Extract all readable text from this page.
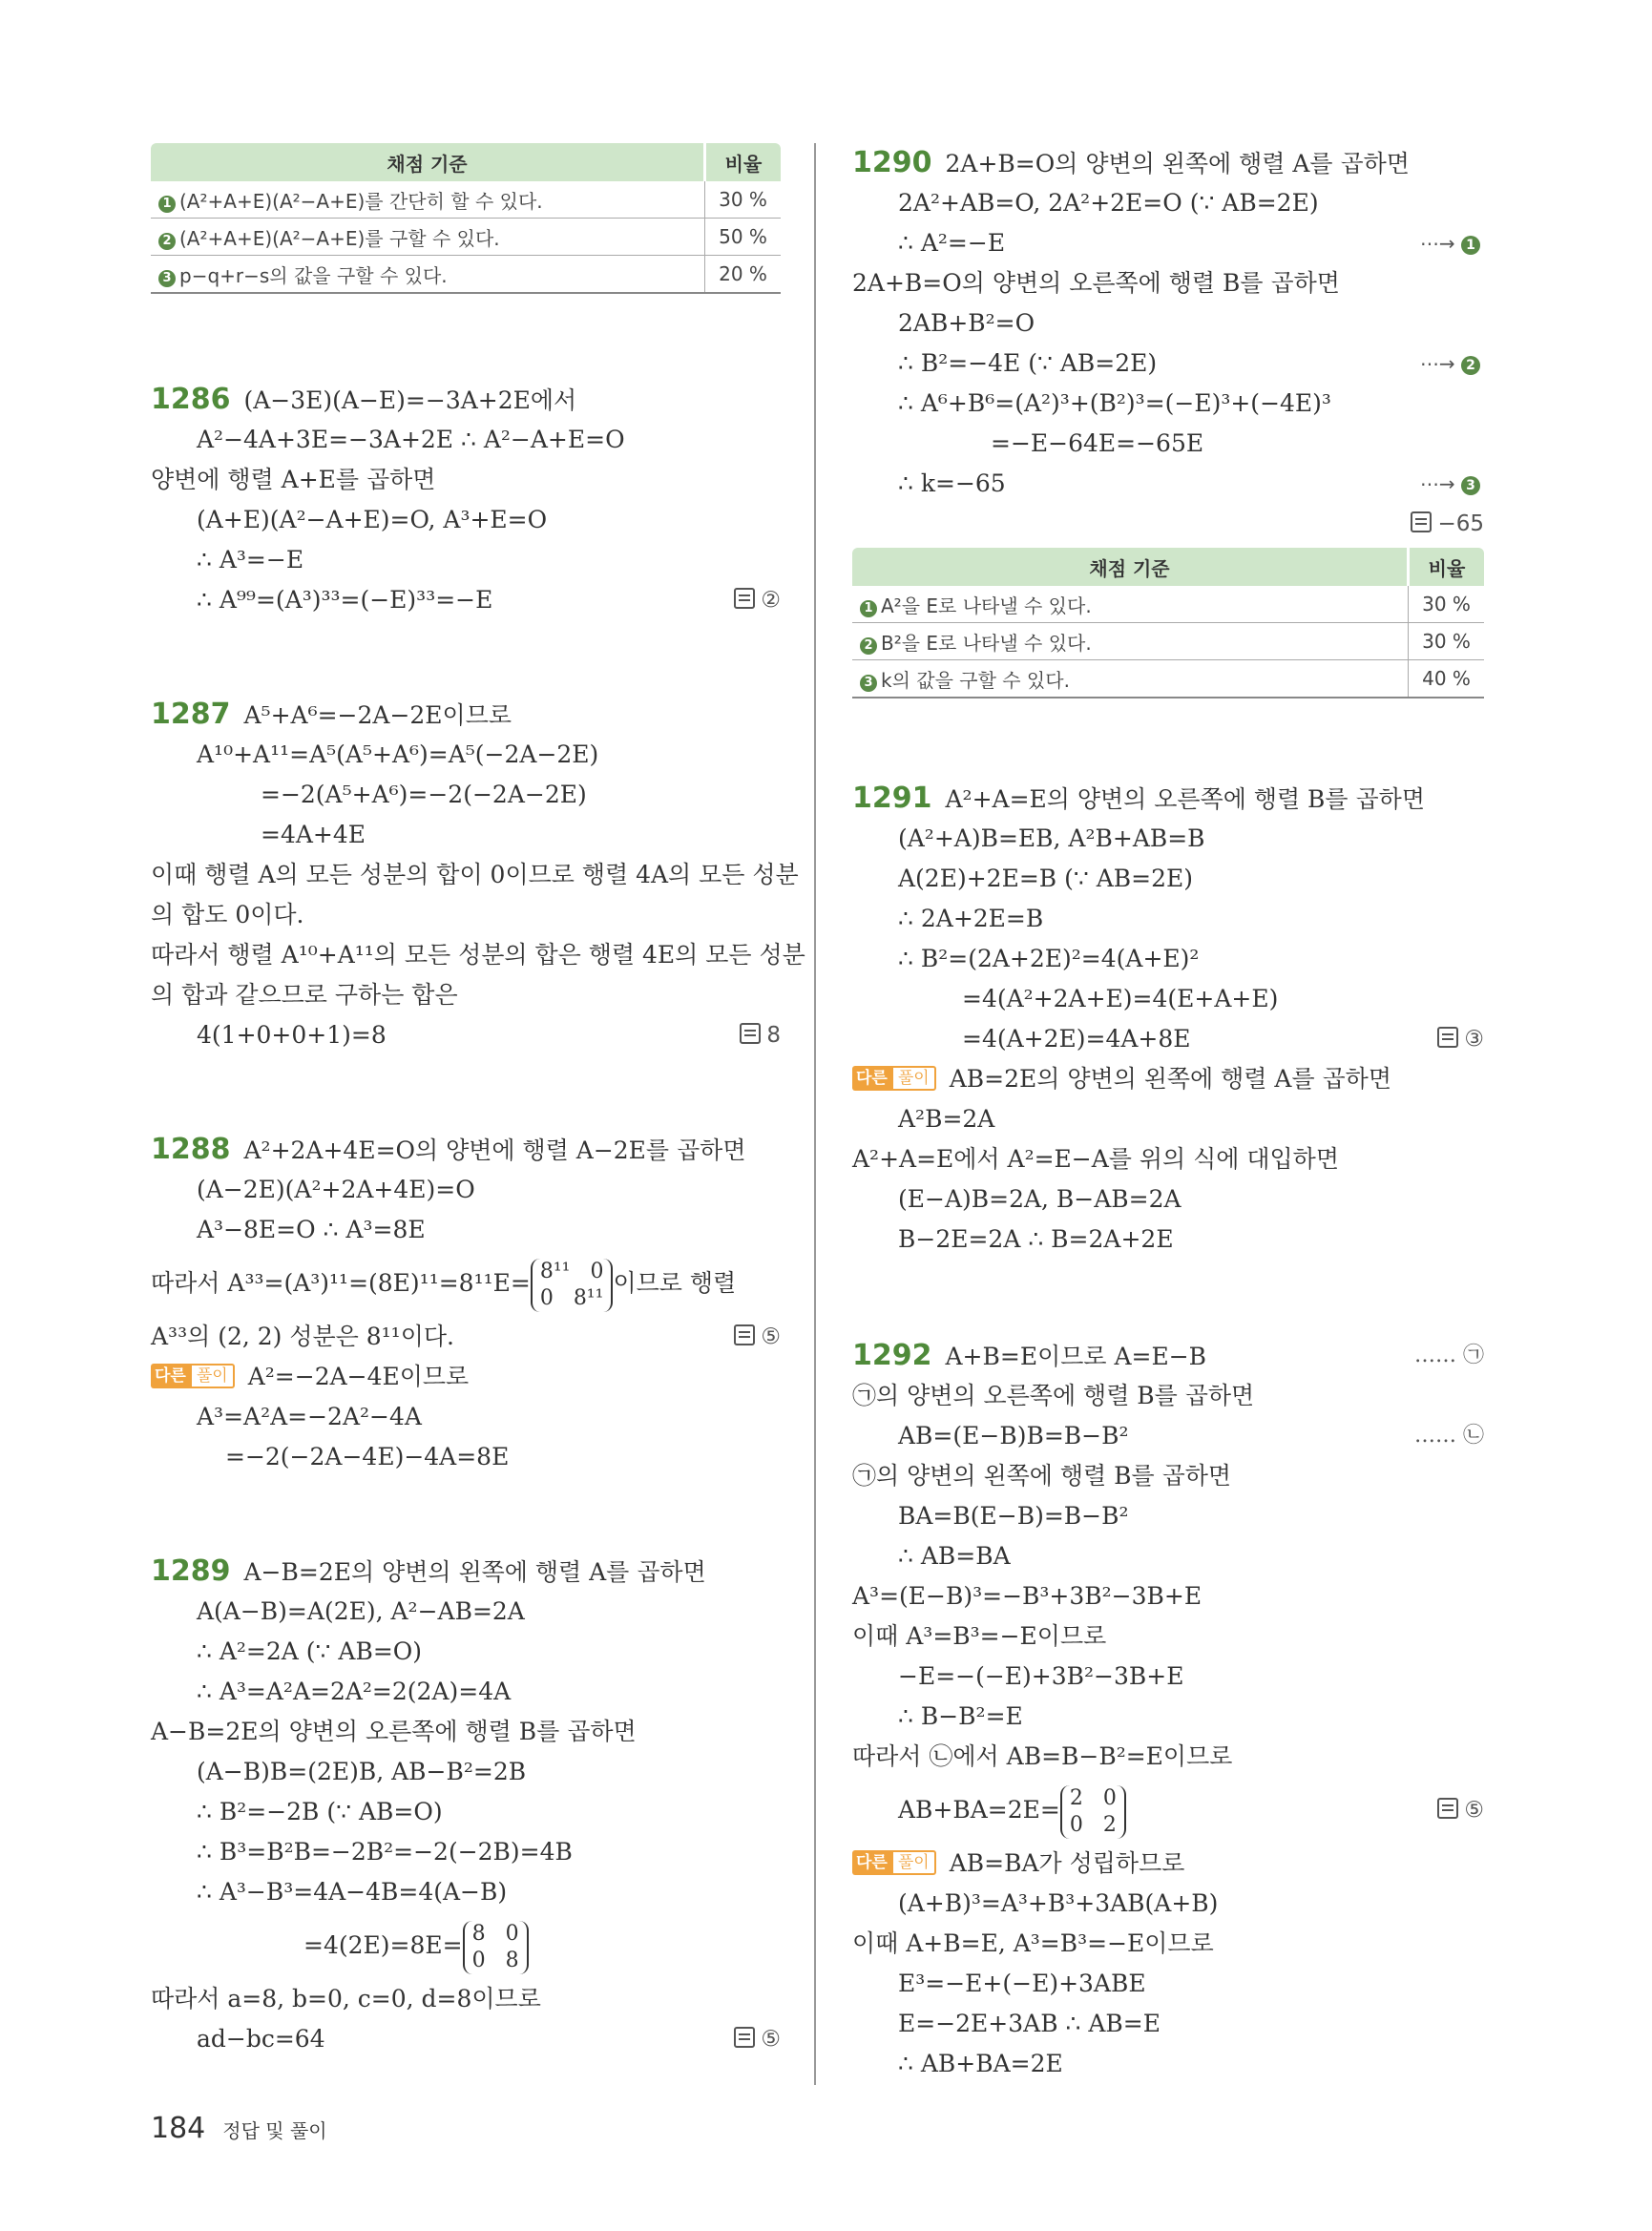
채점 기준	비율
1 (A²+A+E)(A²−A+E)를 간단히 할 수 있다.	30 %
2 (A²+A+E)(A²−A+E)를 구할 수 있다.	50 %
3 p−q+r−s의 값을 구할 수 있다.	20 %
1286 (A−3E)(A−E)=−3A+2E에서
A²−4A+3E=−3A+2E ∴ A²−A+E=O
양변에 행렬 A+E를 곱하면
(A+E)(A²−A+E)=O, A³+E=O
∴ A³=−E
∴ A⁹⁹=(A³)³³=(−E)³³=−E	②
1287 A⁵+A⁶=−2A−2E이므로
A¹⁰+A¹¹=A⁵(A⁵+A⁶)=A⁵(−2A−2E)
=−2(A⁵+A⁶)=−2(−2A−2E)
=4A+4E
이때 행렬 A의 모든 성분의 합이 0이므로 행렬 4A의 모든 성분
의 합도 0이다.
따라서 행렬 A¹⁰+A¹¹의 모든 성분의 합은 행렬 4E의 모든 성분
의 합과 같으므로 구하는 합은
4(1+0+0+1)=8	8
1288 A²+2A+4E=O의 양변에 행렬 A−2E를 곱하면
(A−2E)(A²+2A+4E)=O
A³−8E=O ∴ A³=8E
따라서 A³³=(A³)¹¹=(8E)¹¹=8¹¹E= 8¹¹ 0
0 8¹¹
이므로 행렬
A³³의 (2, 2) 성분은 8¹¹이다.	⑤
다른 풀이 A²=−2A−4E이므로
A³=A²A=−2A²−4A
=−2(−2A−4E)−4A=8E
1289 A−B=2E의 양변의 왼쪽에 행렬 A를 곱하면
A(A−B)=A(2E), A²−AB=2A
∴ A²=2A (∵ AB=O)
∴ A³=A²A=2A²=2(2A)=4A
A−B=2E의 양변의 오른쪽에 행렬 B를 곱하면
(A−B)B=(2E)B, AB−B²=2B
∴ B²=−2B (∵ AB=O)
∴ B³=B²B=−2B²=−2(−2B)=4B
∴ A³−B³=4A−4B=4(A−B)
=4(2E)=8E= 8 0
0 8
따라서 a=8, b=0, c=0, d=8이므로
ad−bc=64	⑤
1290 2A+B=O의 양변의 왼쪽에 행렬 A를 곱하면
2A²+AB=O, 2A²+2E=O (∵ AB=2E)
∴ A²=−E	⋯→ 1
2A+B=O의 양변의 오른쪽에 행렬 B를 곱하면
2AB+B²=O
∴ B²=−4E (∵ AB=2E)	⋯→ 2
∴ A⁶+B⁶=(A²)³+(B²)³=(−E)³+(−4E)³
=−E−64E=−65E
∴ k=−65	⋯→ 3
−65
채점 기준	비율
1 A²을 E로 나타낼 수 있다.	30 %
2 B²을 E로 나타낼 수 있다.	30 %
3 k의 값을 구할 수 있다.	40 %
1291 A²+A=E의 양변의 오른쪽에 행렬 B를 곱하면
(A²+A)B=EB, A²B+AB=B
A(2E)+2E=B (∵ AB=2E)
∴ 2A+2E=B
∴ B²=(2A+2E)²=4(A+E)²
=4(A²+2A+E)=4(E+A+E)
=4(A+2E)=4A+8E	③
다른 풀이 AB=2E의 양변의 왼쪽에 행렬 A를 곱하면
A²B=2A
A²+A=E에서 A²=E−A를 위의 식에 대입하면
(E−A)B=2A, B−AB=2A
B−2E=2A ∴ B=2A+2E
1292 A+B=E이므로 A=E−B	…… ㉠
㉠의 양변의 오른쪽에 행렬 B를 곱하면
AB=(E−B)B=B−B²	…… ㉡
㉠의 양변의 왼쪽에 행렬 B를 곱하면
BA=B(E−B)=B−B²
∴ AB=BA
A³=(E−B)³=−B³+3B²−3B+E
이때 A³=B³=−E이므로
−E=−(−E)+3B²−3B+E
∴ B−B²=E
따라서 ㉡에서 AB=B−B²=E이므로
AB+BA=2E= 2 0
0 2
⑤
다른 풀이 AB=BA가 성립하므로
(A+B)³=A³+B³+3AB(A+B)
이때 A+B=E, A³=B³=−E이므로
E³=−E+(−E)+3ABE
E=−2E+3AB ∴ AB=E
∴ AB+BA=2E
184 정답 및 풀이
